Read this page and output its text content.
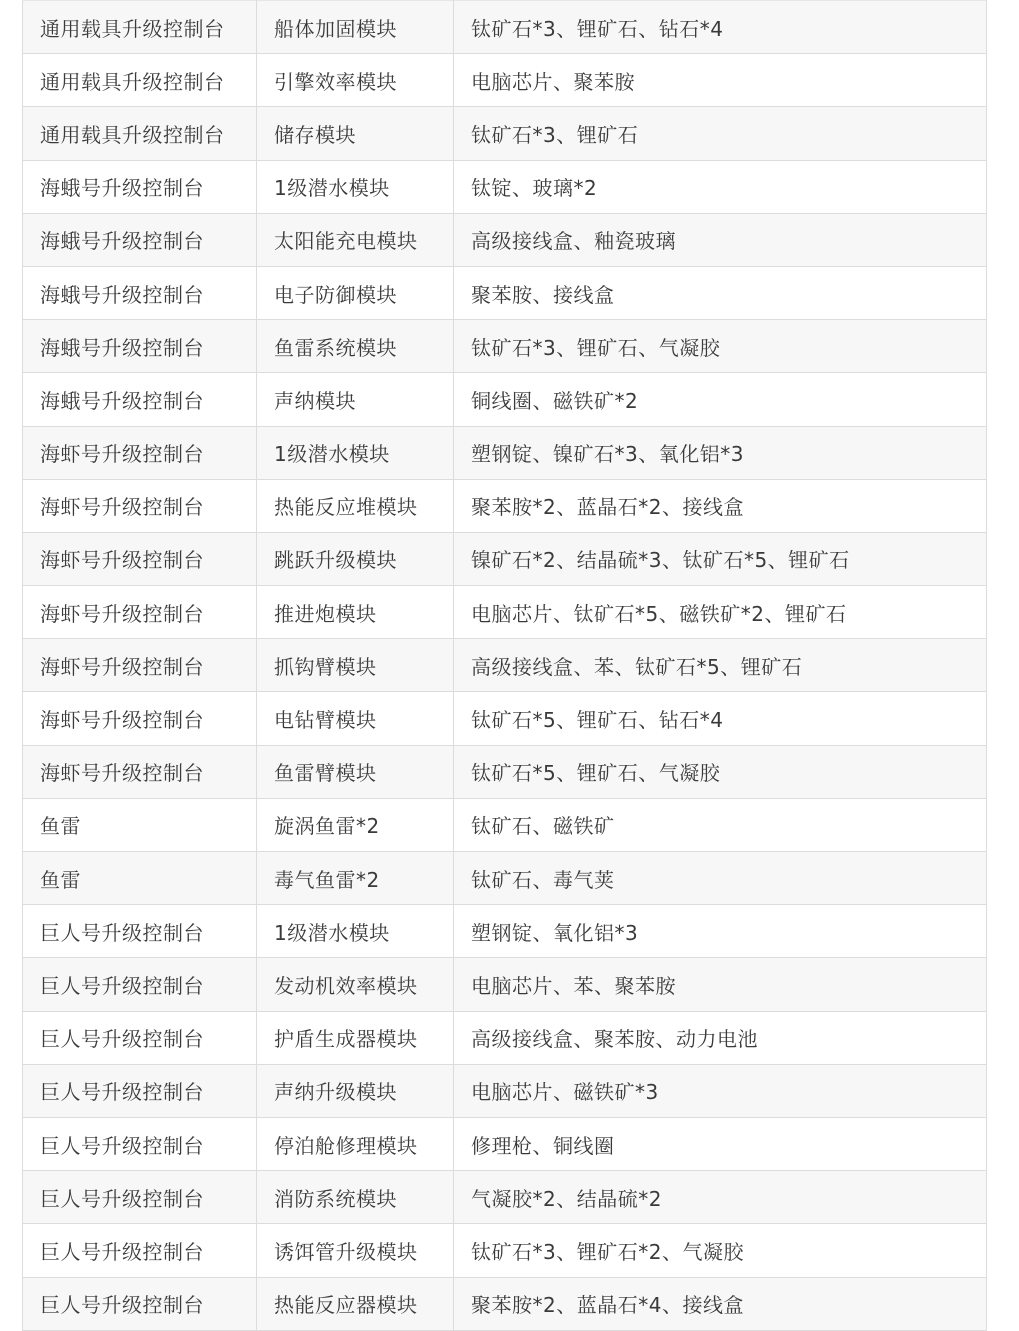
通用载具升级控制台	船体加固模块	钛矿石*3、锂矿石、钻石*4
通用载具升级控制台	引擎效率模块	电脑芯片、聚苯胺
通用载具升级控制台	储存模块	钛矿石*3、锂矿石
海蛾号升级控制台	1级潜水模块	钛锭、玻璃*2
海蛾号升级控制台	太阳能充电模块	高级接线盒、釉瓷玻璃
海蛾号升级控制台	电子防御模块	聚苯胺、接线盒
海蛾号升级控制台	鱼雷系统模块	钛矿石*3、锂矿石、气凝胶
海蛾号升级控制台	声纳模块	铜线圈、磁铁矿*2
海虾号升级控制台	1级潜水模块	塑钢锭、镍矿石*3、氧化铝*3
海虾号升级控制台	热能反应堆模块	聚苯胺*2、蓝晶石*2、接线盒
海虾号升级控制台	跳跃升级模块	镍矿石*2、结晶硫*3、钛矿石*5、锂矿石
海虾号升级控制台	推进炮模块	电脑芯片、钛矿石*5、磁铁矿*2、锂矿石
海虾号升级控制台	抓钩臂模块	高级接线盒、苯、钛矿石*5、锂矿石
海虾号升级控制台	电钻臂模块	钛矿石*5、锂矿石、钻石*4
海虾号升级控制台	鱼雷臂模块	钛矿石*5、锂矿石、气凝胶
鱼雷	旋涡鱼雷*2	钛矿石、磁铁矿
鱼雷	毒气鱼雷*2	钛矿石、毒气荚
巨人号升级控制台	1级潜水模块	塑钢锭、氧化铝*3
巨人号升级控制台	发动机效率模块	电脑芯片、苯、聚苯胺
巨人号升级控制台	护盾生成器模块	高级接线盒、聚苯胺、动力电池
巨人号升级控制台	声纳升级模块	电脑芯片、磁铁矿*3
巨人号升级控制台	停泊舱修理模块	修理枪、铜线圈
巨人号升级控制台	消防系统模块	气凝胶*2、结晶硫*2
巨人号升级控制台	诱饵管升级模块	钛矿石*3、锂矿石*2、气凝胶
巨人号升级控制台	热能反应器模块	聚苯胺*2、蓝晶石*4、接线盒
